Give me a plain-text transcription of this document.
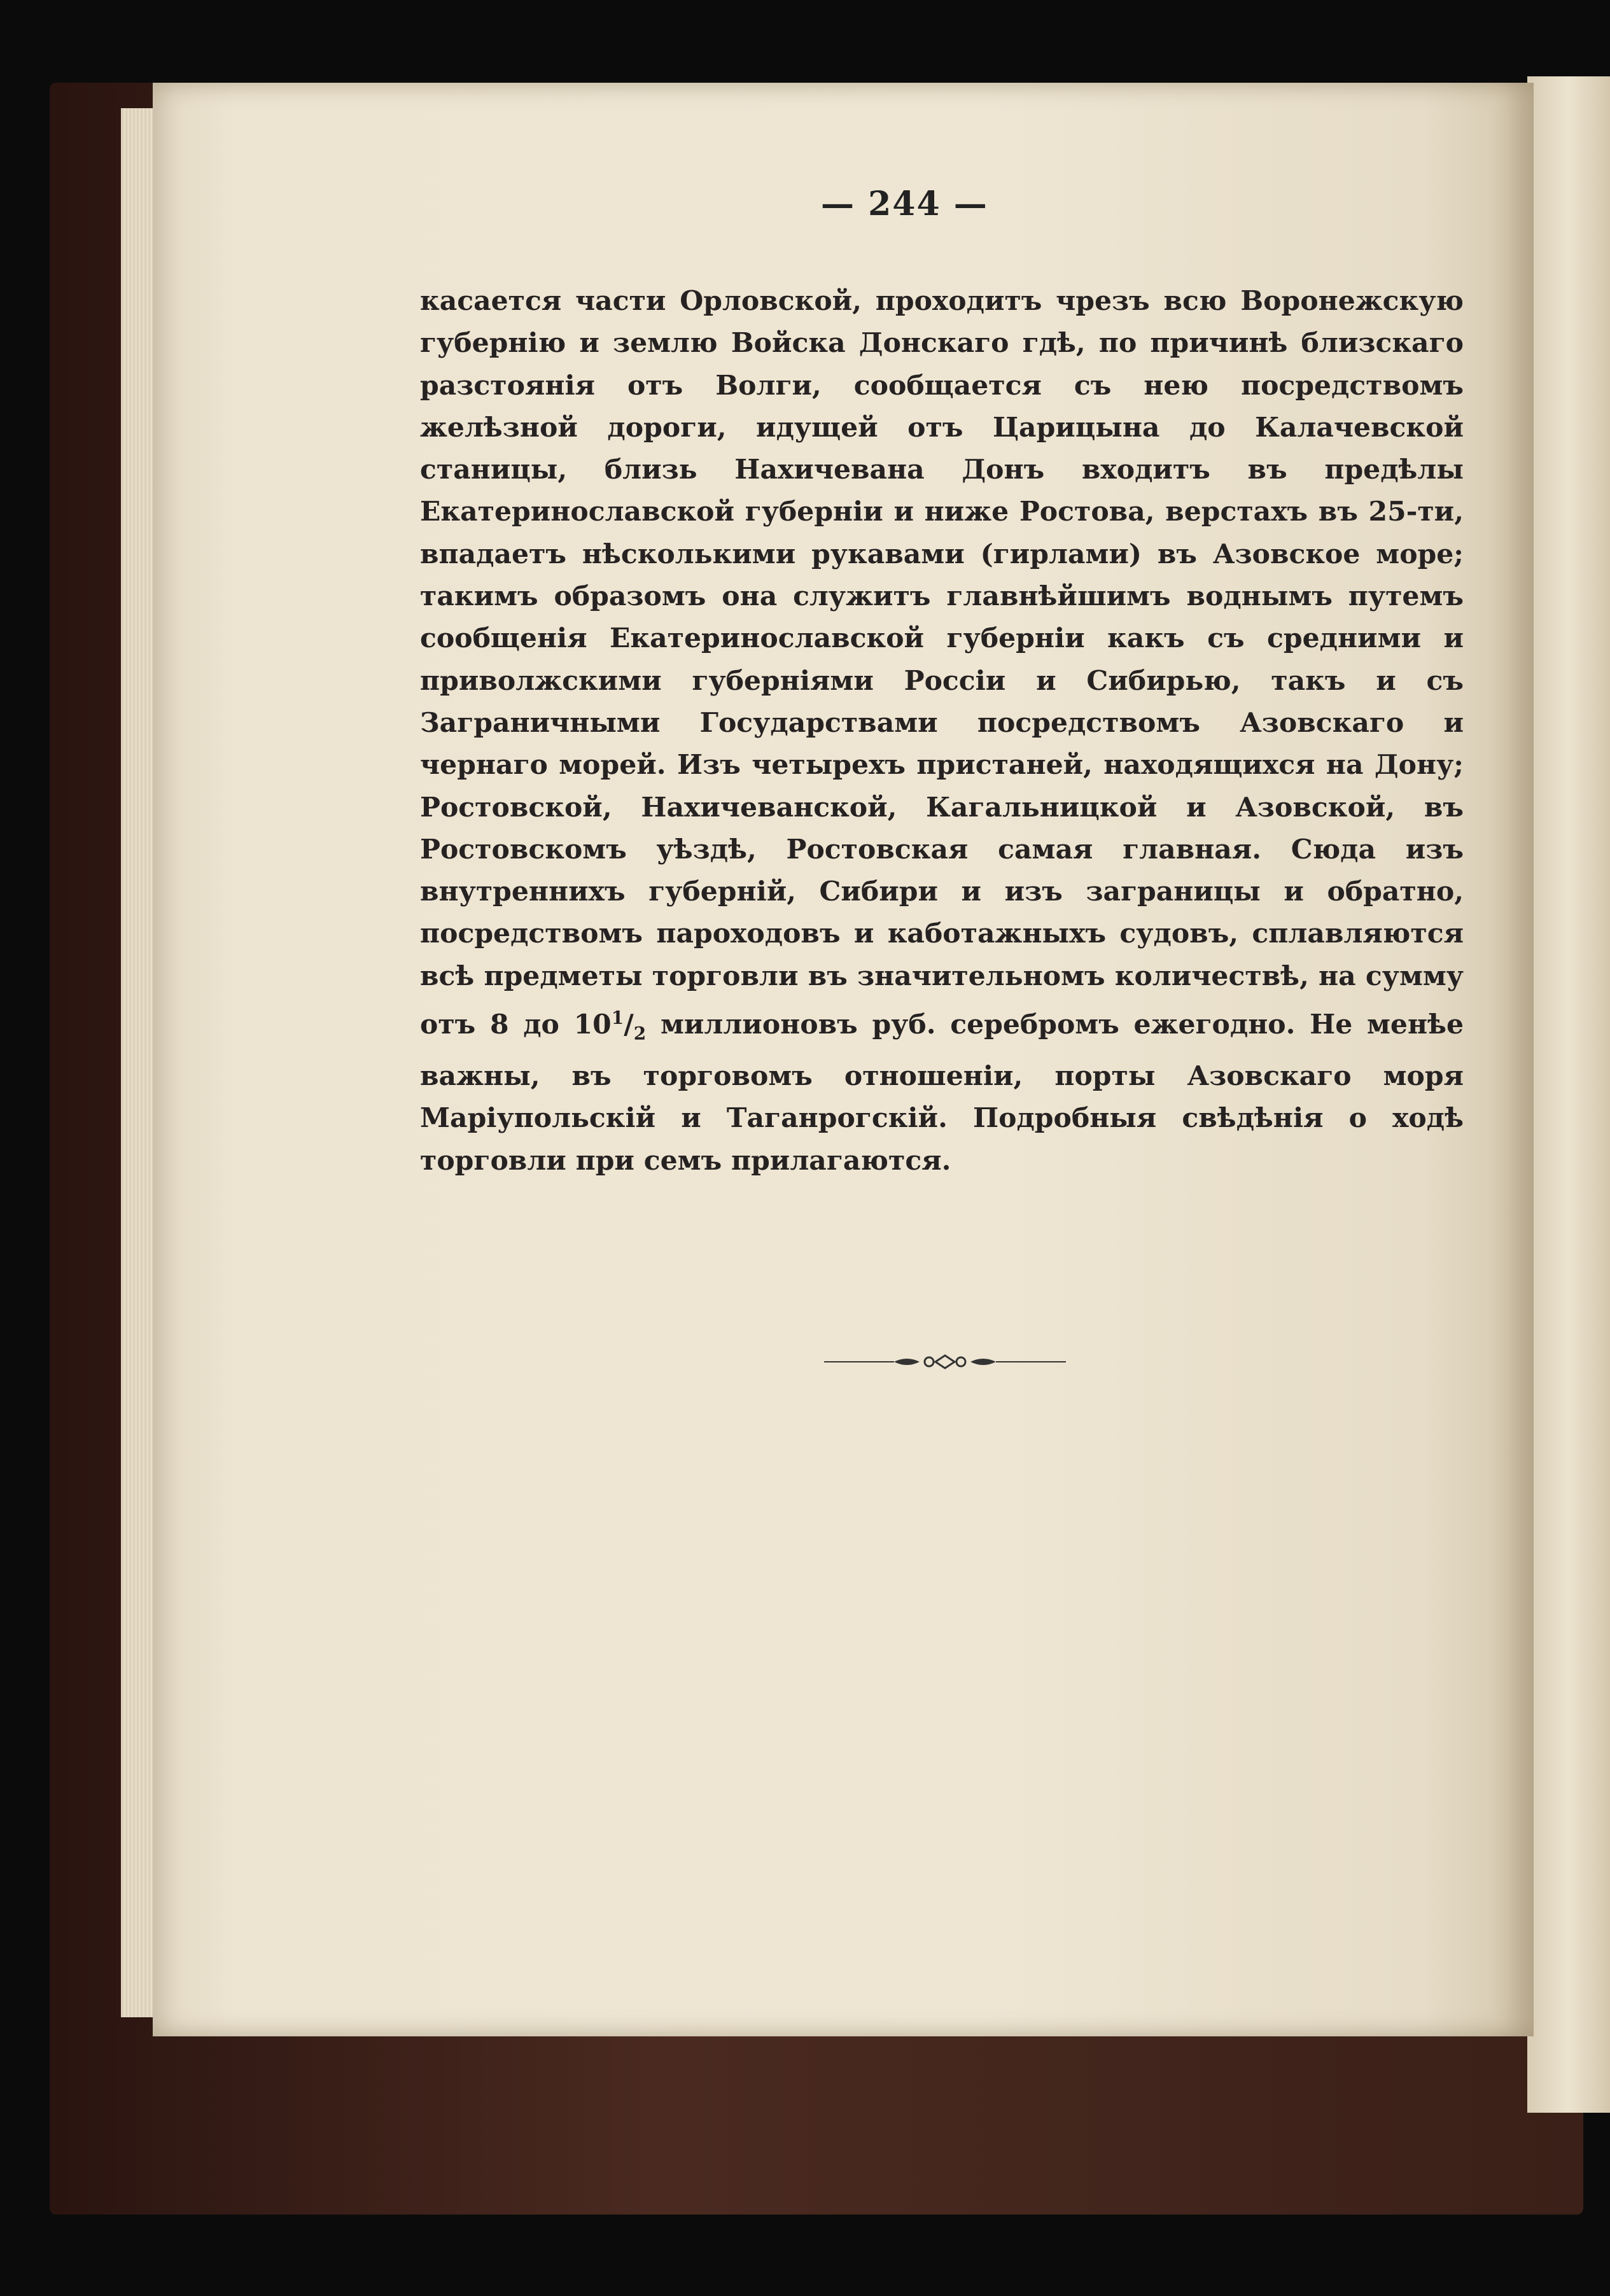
— 244 —

касается части Орловской, проходитъ чрезъ всю Воронежскую губернію и землю Войска Донскаго гдѣ, по причинѣ близскаго разстоянія отъ Волги, сообщается съ нею посредствомъ желѣзной дороги, идущей отъ Царицына до Калачевской станицы, близь Нахичевана Донъ входитъ въ предѣлы Екатеринославской губерніи и ниже Ростова, верстахъ въ 25-ти, впадаетъ нѣсколькими рукавами (гирлами) въ Азовское море; такимъ образомъ она служитъ главнѣйшимъ воднымъ путемъ сообщенія Екатеринославской губерніи какъ съ средними и приволжскими губерніями Россіи и Сибирью, такъ и съ Заграничными Государствами посредствомъ Азовскаго и чернаго морей. Изъ четырехъ пристаней, находящихся на Дону; Ростовской, Нахичеванской, Кагальницкой и Азовской, въ Ростовскомъ уѣздѣ, Ростовская самая главная. Сюда изъ внутреннихъ губерній, Сибири и изъ заграницы и обратно, посредствомъ пароходовъ и каботажныхъ судовъ, сплавляются всѣ предметы торговли въ значительномъ количествѣ, на сумму отъ 8 до $10^1/_2$ миллионовъ руб. серебромъ ежегодно. Не менѣе важны, въ торговомъ отношеніи, порты Азовскаго моря Маріупольскій и Таганрогскій. Подробныя свѣдѣнія о ходѣ торговли при семъ прилагаются.
